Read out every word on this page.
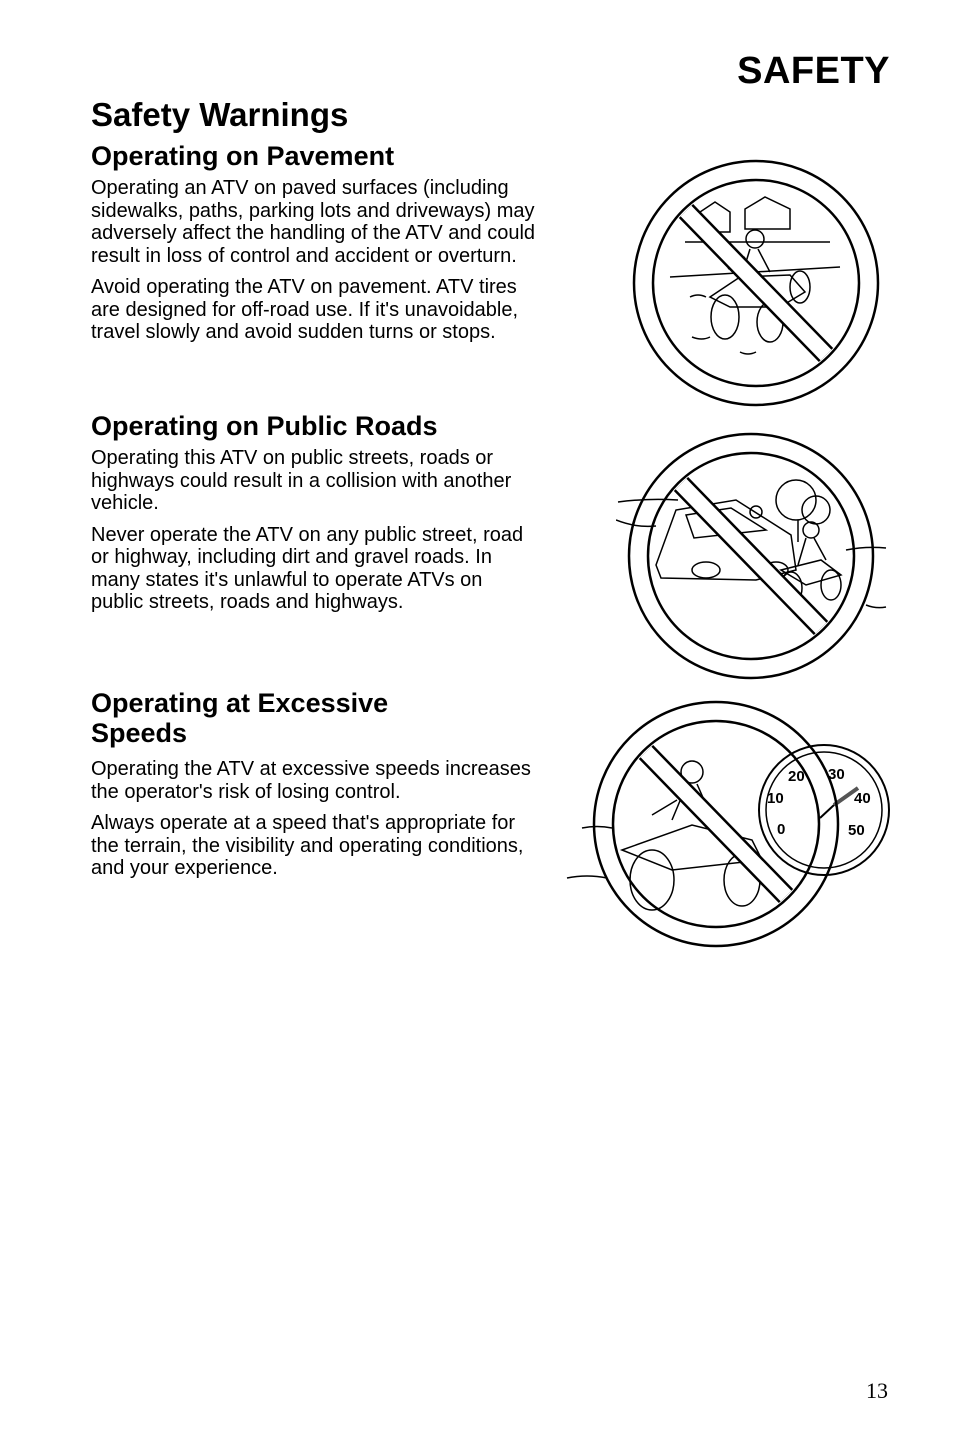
SAFETY
Safety Warnings
Operating on Pavement

Operating an ATV on paved surfaces (including sidewalks, paths, parking lots and driveways) may adversely affect the handling of the ATV and could result in loss of control and accident or overturn.

Avoid operating the ATV on pavement. ATV tires are designed for off-road use. If it's unavoidable, travel slowly and avoid sudden turns or stops.

Operating on Public Roads

Operating this ATV on public streets, roads or highways could result in a collision with another vehicle.

Never operate the ATV on any public street, road or highway, including dirt and gravel roads. In many states it's unlawful to operate ATVs on public streets, roads and highways.

Operating at Excessive Speeds

Operating the ATV at excessive speeds increases the operator's risk of losing control.

Always operate at a speed that's appropriate for the terrain, the visibility and operating conditions, and your experience.

0
10
20 30
40
50
13
